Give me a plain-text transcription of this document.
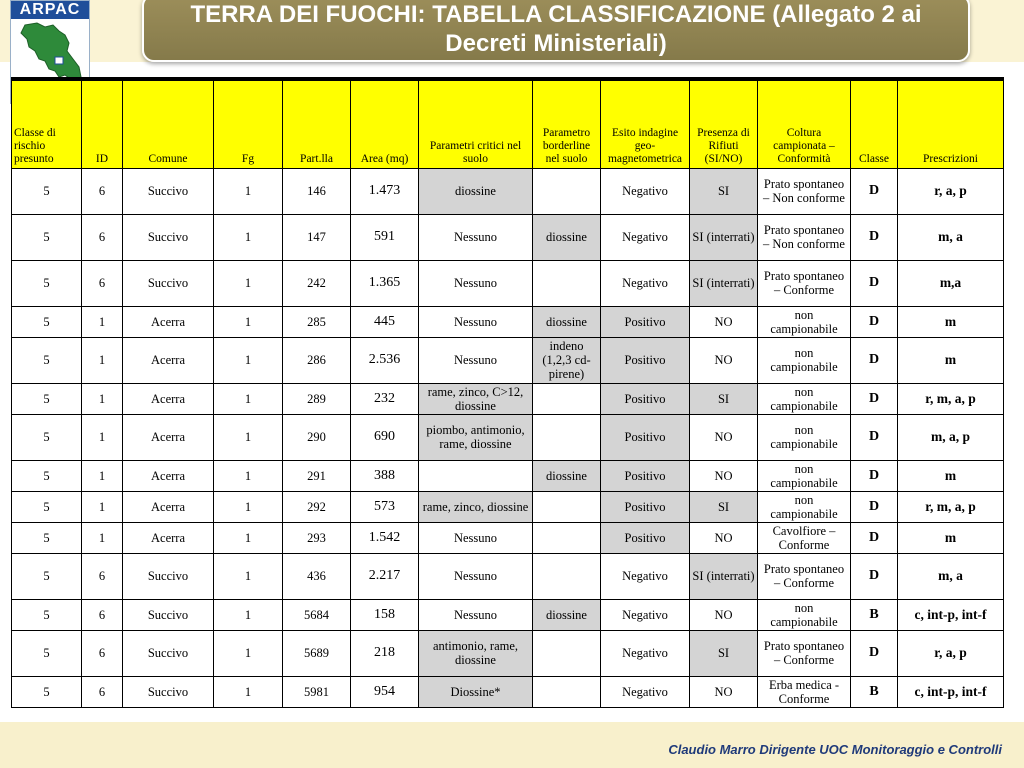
ARPAC	TERRA DEI FUOCHI: TABELLA CLASSIFICAZIONE (Allegato 2 ai
Decreti Ministeriali)
Classe di rischio presunto	ID	Comune	Fg	Part.lla	Area (mq)	Parametri critici nel suolo	Parametro borderline nel suolo	Esito indagine geo-magnetometrica	Presenza di Rifiuti (SI/NO)	Coltura campionata – Conformità	Classe	Prescrizioni
5	6	Succivo	1	146	1.473	diossine		Negativo	SI	Prato spontaneo – Non conforme	D	r, a, p
5	6	Succivo	1	147	591	Nessuno	diossine	Negativo	SI (interrati)	Prato spontaneo – Non conforme	D	m, a
5	6	Succivo	1	242	1.365	Nessuno		Negativo	SI (interrati)	Prato spontaneo – Conforme	D	m,a
5	1	Acerra	1	285	445	Nessuno	diossine	Positivo	NO	non campionabile	D	m
5	1	Acerra	1	286	2.536	Nessuno	indeno (1,2,3 cd-pirene)	Positivo	NO	non campionabile	D	m
5	1	Acerra	1	289	232	rame, zinco, C>12, diossine		Positivo	SI	non campionabile	D	r, m, a, p
5	1	Acerra	1	290	690	piombo, antimonio, rame, diossine		Positivo	NO	non campionabile	D	m, a, p
5	1	Acerra	1	291	388		diossine	Positivo	NO	non campionabile	D	m
5	1	Acerra	1	292	573	rame, zinco, diossine		Positivo	SI	non campionabile	D	r, m, a, p
5	1	Acerra	1	293	1.542	Nessuno		Positivo	NO	Cavolfiore – Conforme	D	m
5	6	Succivo	1	436	2.217	Nessuno		Negativo	SI (interrati)	Prato spontaneo – Conforme	D	m, a
5	6	Succivo	1	5684	158	Nessuno	diossine	Negativo	NO	non campionabile	B	c, int-p, int-f
5	6	Succivo	1	5689	218	antimonio, rame, diossine		Negativo	SI	Prato spontaneo – Conforme	D	r, a, p
5	6	Succivo	1	5981	954	Diossine*		Negativo	NO	Erba medica - Conforme	B	c, int-p, int-f
Claudio Marro Dirigente UOC Monitoraggio e Controlli
